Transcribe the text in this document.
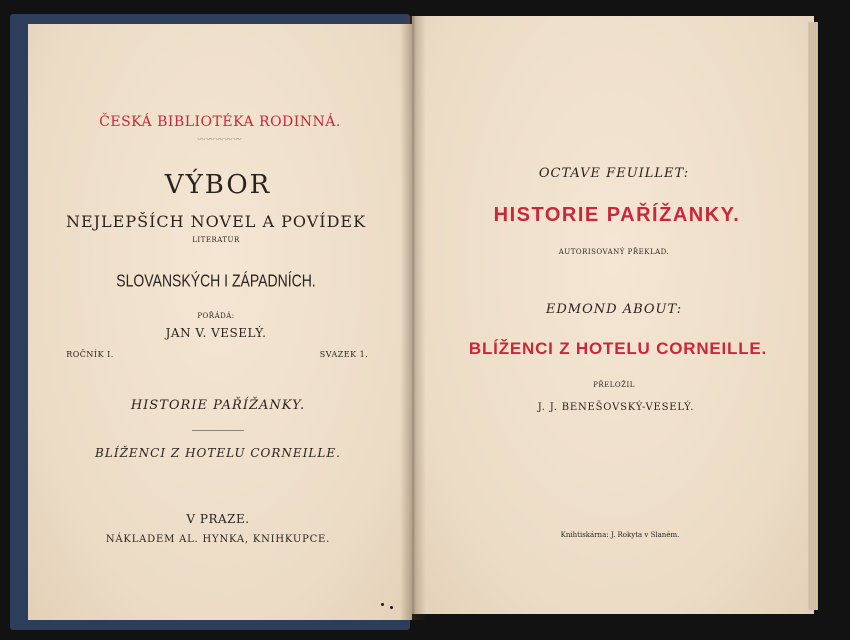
ČESKÁ BIBLIOTÉKA RODINNÁ.
〰〰〰〰〰
VÝBOR
NEJLEPŠÍCH NOVEL A POVÍDEK
LITERATUR
SLOVANSKÝCH I ZÁPADNÍCH.
POŘÁDÁ:
JAN V. VESELÝ.
ROČNÍK I.	SVAZEK 1.
HISTORIE PAŘÍŽANKY.
BLÍŽENCI Z HOTELU CORNEILLE.
V PRAZE.
NÁKLADEM AL. HYNKA, KNIHKUPCE.
OCTAVE FEUILLET:
HISTORIE PAŘÍŽANKY.
AUTORISOVANÝ PŘEKLAD.
EDMOND ABOUT:
BLÍŽENCI Z HOTELU CORNEILLE.
PŘELOŽIL
J. J. BENEŠOVSKÝ-VESELÝ.
Knihtiskárna: J. Rokyta v Slaném.
